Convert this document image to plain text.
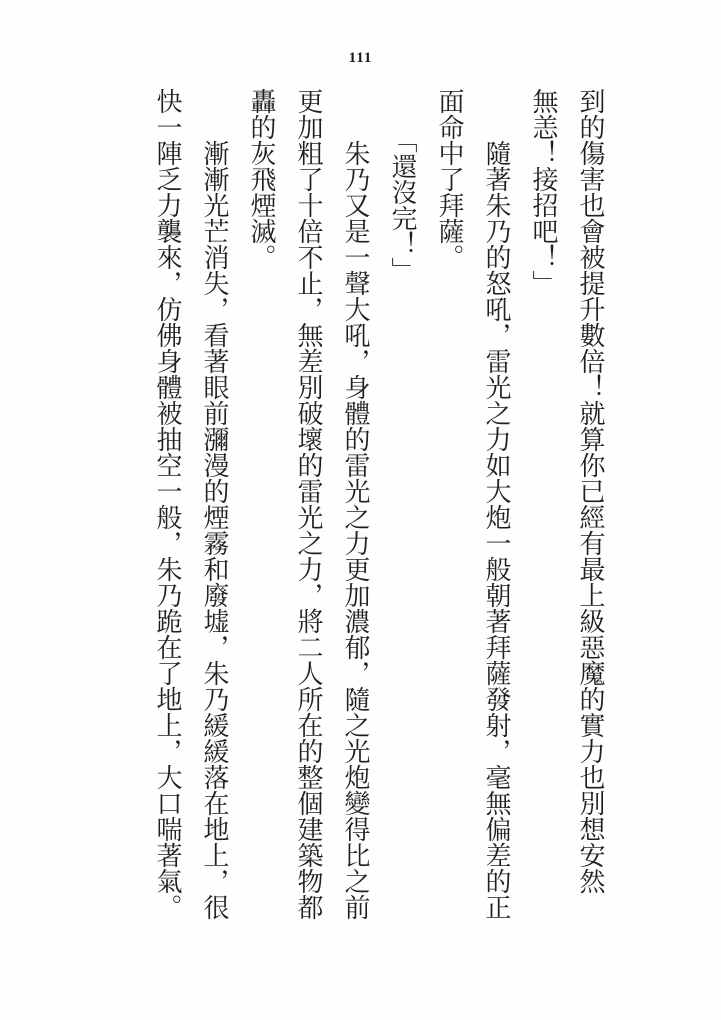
111
到的傷害也會被提升數倍！就算你已經有最上級惡魔的實力也別想安然
無恙！接招吧！」
　　隨著朱乃的怒吼，雷光之力如大炮一般朝著拜薩發射，毫無偏差的正
面命中了拜薩。
　　「還沒完！」
　　朱乃又是一聲大吼，身體的雷光之力更加濃郁，隨之光炮變得比之前
更加粗了十倍不止，無差別破壞的雷光之力，將二人所在的整個建築物都
轟的灰飛煙滅。
　　漸漸光芒消失，看著眼前瀰漫的煙霧和廢墟，朱乃緩緩落在地上，很
快一陣乏力襲來，仿佛身體被抽空一般，朱乃跪在了地上，大口喘著氣。
